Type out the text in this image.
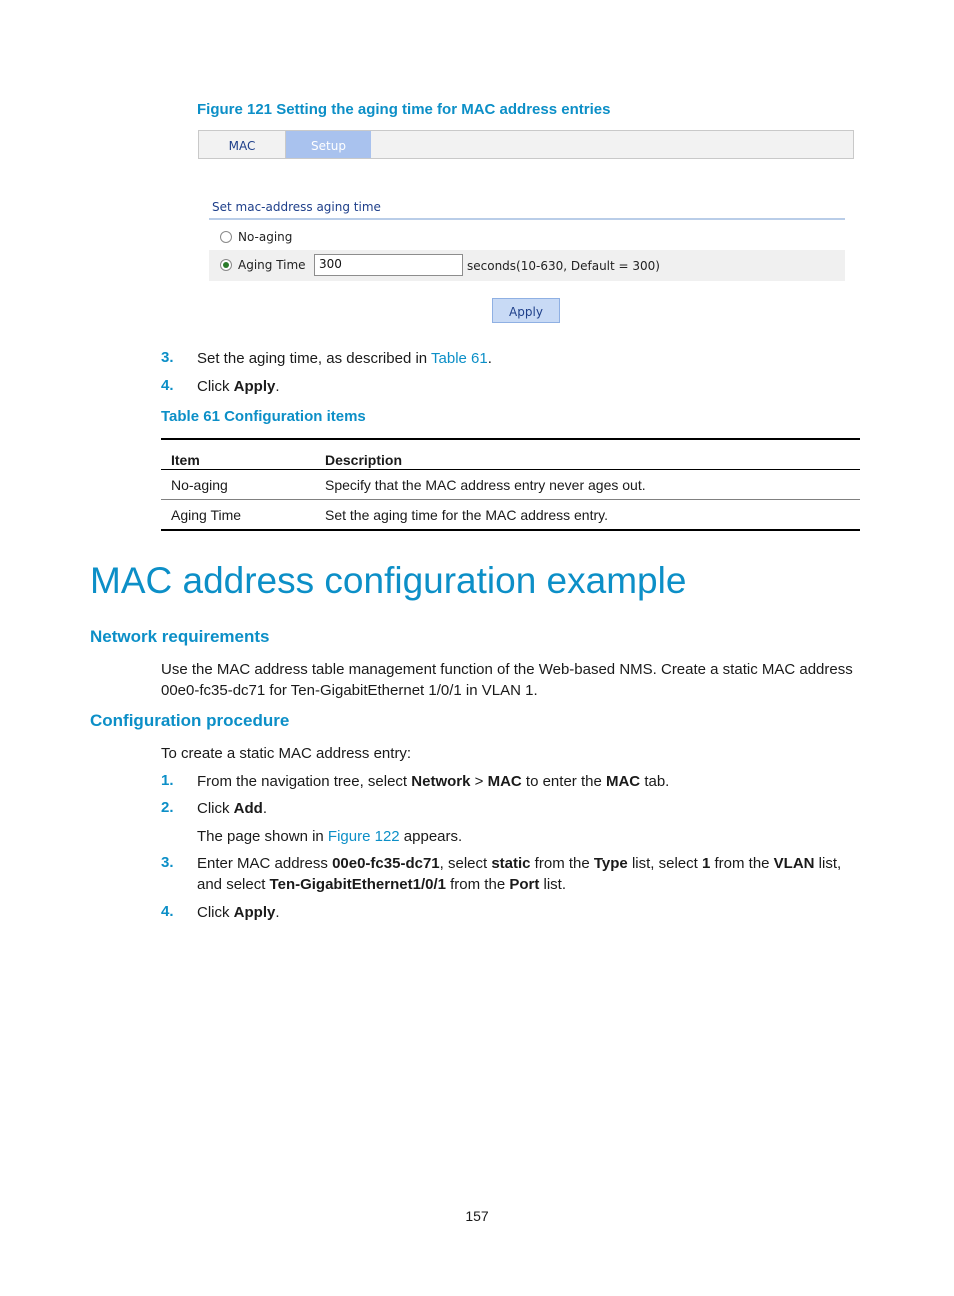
Figure 121 Setting the aging time for MAC address entries
MAC	Setup
Set mac-address aging time
No-aging
Aging Time	300	seconds(10-630, Default = 300)
Apply
3. Set the aging time, as described in Table 61.
4. Click Apply.
Table 61 Configuration items
Item	Description
No-aging	Specify that the MAC address entry never ages out.
Aging Time	Set the aging time for the MAC address entry.
MAC address configuration example
Network requirements
Use the MAC address table management function of the Web-based NMS. Create a static MAC address
00e0-fc35-dc71 for Ten-GigabitEthernet 1/0/1 in VLAN 1.
Configuration procedure
To create a static MAC address entry:
1. From the navigation tree, select Network > MAC to enter the MAC tab.
2. Click Add.
The page shown in Figure 122 appears.
3. Enter MAC address 00e0-fc35-dc71, select static from the Type list, select 1 from the VLAN list,
and select Ten-GigabitEthernet1/0/1 from the Port list.
4. Click Apply.
157
